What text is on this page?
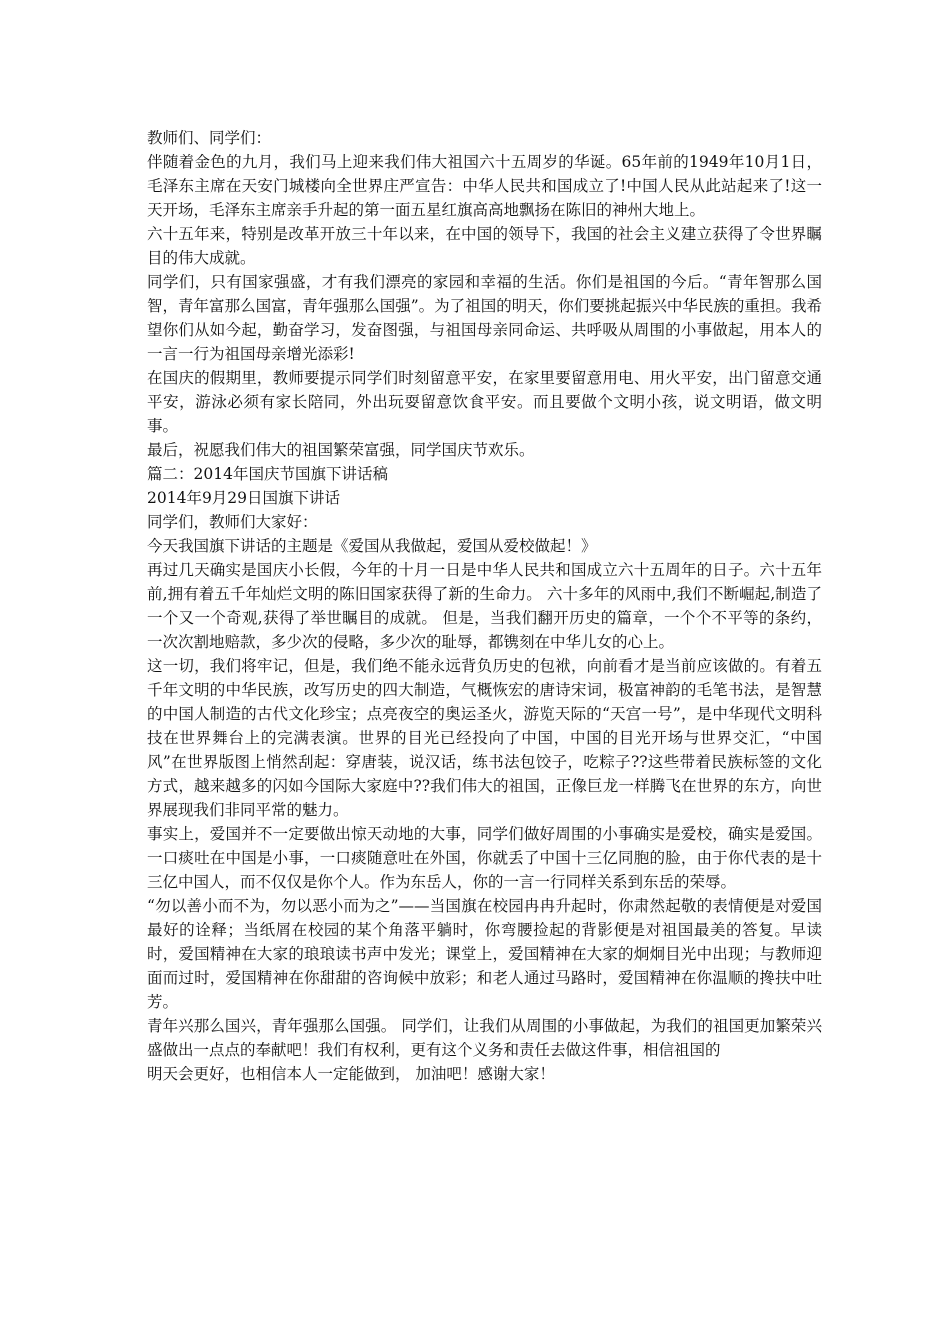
教师们、同学们：

伴随着金色的九月，我们马上迎来我们伟大祖国六十五周岁的华诞。65年前的1949年10月1日，毛泽东主席在天安门城楼向全世界庄严宣告：中华人民共和国成立了!中国人民从此站起来了!这一天开场，毛泽东主席亲手升起的第一面五星红旗高高地飘扬在陈旧的神州大地上。

六十五年来，特别是改革开放三十年以来，在中国的领导下，我国的社会主义建立获得了令世界瞩目的伟大成就。

同学们，只有国家强盛，才有我们漂亮的家园和幸福的生活。你们是祖国的今后。“青年智那么国智，青年富那么国富，青年强那么国强”。为了祖国的明天，你们要挑起振兴中华民族的重担。我希望你们从如今起，勤奋学习，发奋图强，与祖国母亲同命运、共呼吸从周围的小事做起，用本人的一言一行为祖国母亲增光添彩!

在国庆的假期里，教师要提示同学们时刻留意平安，在家里要留意用电、用火平安，出门留意交通平安，游泳必须有家长陪同，外出玩耍留意饮食平安。而且要做个文明小孩，说文明语，做文明事。

最后，祝愿我们伟大的祖国繁荣富强，同学国庆节欢乐。

篇二：2014年国庆节国旗下讲话稿

2014年9月29日国旗下讲话

同学们，教师们大家好：

今天我国旗下讲话的主题是《爱国从我做起，爱国从爱校做起！》

再过几天确实是国庆小长假，今年的十月一日是中华人民共和国成立六十五周年的日子。六十五年前,拥有着五千年灿烂文明的陈旧国家获得了新的生命力。 六十多年的风雨中,我们不断崛起,制造了一个又一个奇观,获得了举世瞩目的成就。 但是，当我们翻开历史的篇章，一个个不平等的条约，一次次割地赔款，多少次的侵略，多少次的耻辱，都镌刻在中华儿女的心上。

这一切，我们将牢记，但是，我们绝不能永远背负历史的包袱，向前看才是当前应该做的。有着五千年文明的中华民族，改写历史的四大制造，气概恢宏的唐诗宋词，极富神韵的毛笔书法，是智慧的中国人制造的古代文化珍宝；点亮夜空的奥运圣火，游览天际的“天宫一号”，是中华现代文明科技在世界舞台上的完满表演。世界的目光已经投向了中国，中国的目光开场与世界交汇，“中国风”在世界版图上悄然刮起：穿唐装，说汉话，练书法包饺子，吃粽子??这些带着民族标签的文化方式，越来越多的闪如今国际大家庭中??我们伟大的祖国，正像巨龙一样腾飞在世界的东方，向世界展现我们非同平常的魅力。

事实上，爱国并不一定要做出惊天动地的大事，同学们做好周围的小事确实是爱校，确实是爱国。一口痰吐在中国是小事，一口痰随意吐在外国，你就丢了中国十三亿同胞的脸，由于你代表的是十三亿中国人，而不仅仅是你个人。作为东岳人，你的一言一行同样关系到东岳的荣辱。

“勿以善小而不为，勿以恶小而为之”——当国旗在校园冉冉升起时，你肃然起敬的表情便是对爱国最好的诠释；当纸屑在校园的某个角落平躺时，你弯腰捡起的背影便是对祖国最美的答复。早读时，爱国精神在大家的琅琅读书声中发光；课堂上，爱国精神在大家的炯炯目光中出现；与教师迎面而过时，爱国精神在你甜甜的咨询候中放彩；和老人通过马路时，爱国精神在你温顺的搀扶中吐芳。

青年兴那么国兴，青年强那么国强。 同学们，让我们从周围的小事做起，为我们的祖国更加繁荣兴盛做出一点点的奉献吧！我们有权利，更有这个义务和责任去做这件事，相信祖国的

明天会更好，也相信本人一定能做到， 加油吧！感谢大家！
